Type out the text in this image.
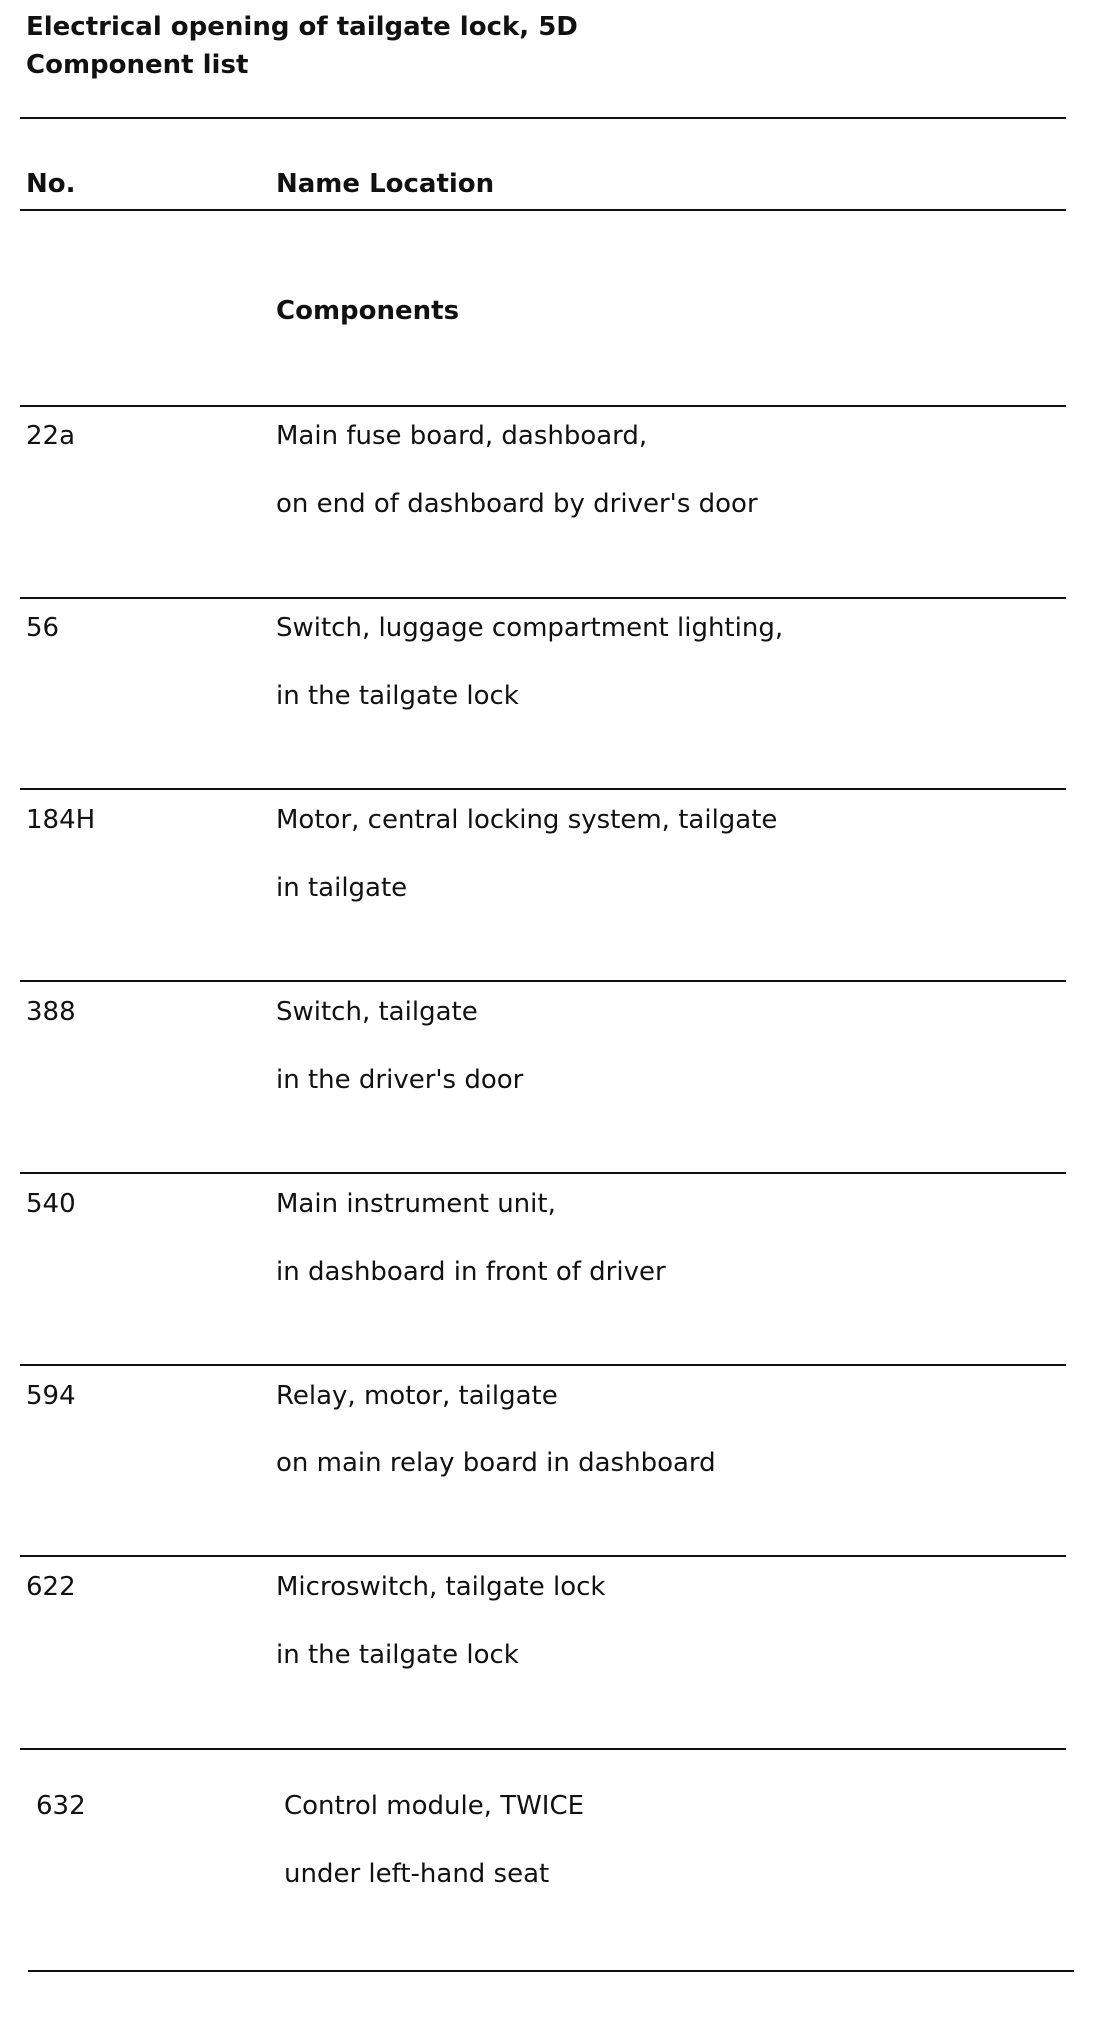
Electrical opening of tailgate lock, 5D
Component list
No.	Name Location
Components
22a	Main fuse board, dashboard,
on end of dashboard by driver's door
56	Switch, luggage compartment lighting,
in the tailgate lock
184H	Motor, central locking system, tailgate
in tailgate
388	Switch, tailgate
in the driver's door
540	Main instrument unit,
in dashboard in front of driver
594	Relay, motor, tailgate
on main relay board in dashboard
622	Microswitch, tailgate lock
in the tailgate lock
632	Control module, TWICE
under left-hand seat
